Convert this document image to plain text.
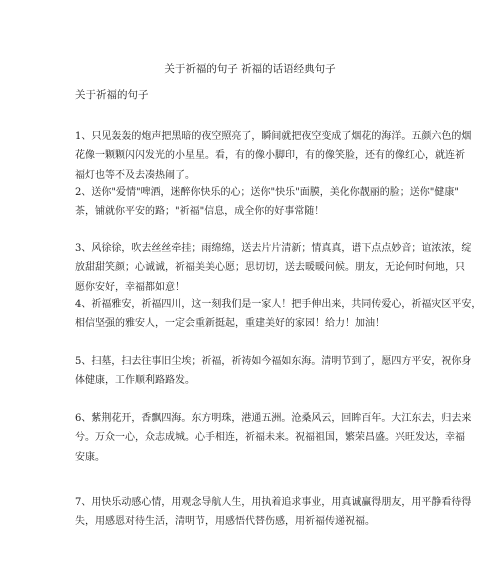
关于祈福的句子 祈福的话语经典句子
关于祈福的句子

1、只见轰轰的炮声把黑暗的夜空照亮了，瞬间就把夜空变成了烟花的海洋。五颜六色的烟
花像一颗颗闪闪发光的小星星。看，有的像小脚印，有的像笑脸，还有的像红心，就连祈
福灯也等不及去凑热闹了。

2、送你"爱情"啤酒，迷醉你快乐的心；送你"快乐"面膜，美化你靓丽的脸；送你"健康"
茶，铺就你平安的路；"祈福"信息，成全你的好事常随！

3、风徐徐，吹去丝丝牵挂；雨绵绵，送去片片清新；情真真，谱下点点妙音；谊浓浓，绽
放甜甜笑颜；心诚诚，祈福美美心愿；思切切，送去暖暖问候。朋友，无论何时何地，只
愿你安好，幸福都如意！

4、祈福雅安，祈福四川，这一刻我们是一家人！把手伸出来，共同传爱心，祈福灾区平安，
相信坚强的雅安人，一定会重新挺起，重建美好的家园！给力！加油！

5、扫墓，扫去往事旧尘埃；祈福，祈祷如今福如东海。清明节到了，愿四方平安，祝你身
体健康，工作顺利路路发。

6、紫荆花开，香飘四海。东方明珠，港通五洲。沧桑风云，回眸百年。大江东去，归去来
兮。万众一心，众志成城。心手相连，祈福未来。祝福祖国，繁荣昌盛。兴旺发达，幸福
安康。

7、用快乐动感心情，用观念导航人生，用执着追求事业，用真诚赢得朋友，用平静看待得
失，用感恩对待生活，清明节，用感悟代替伤感，用祈福传递祝福。
